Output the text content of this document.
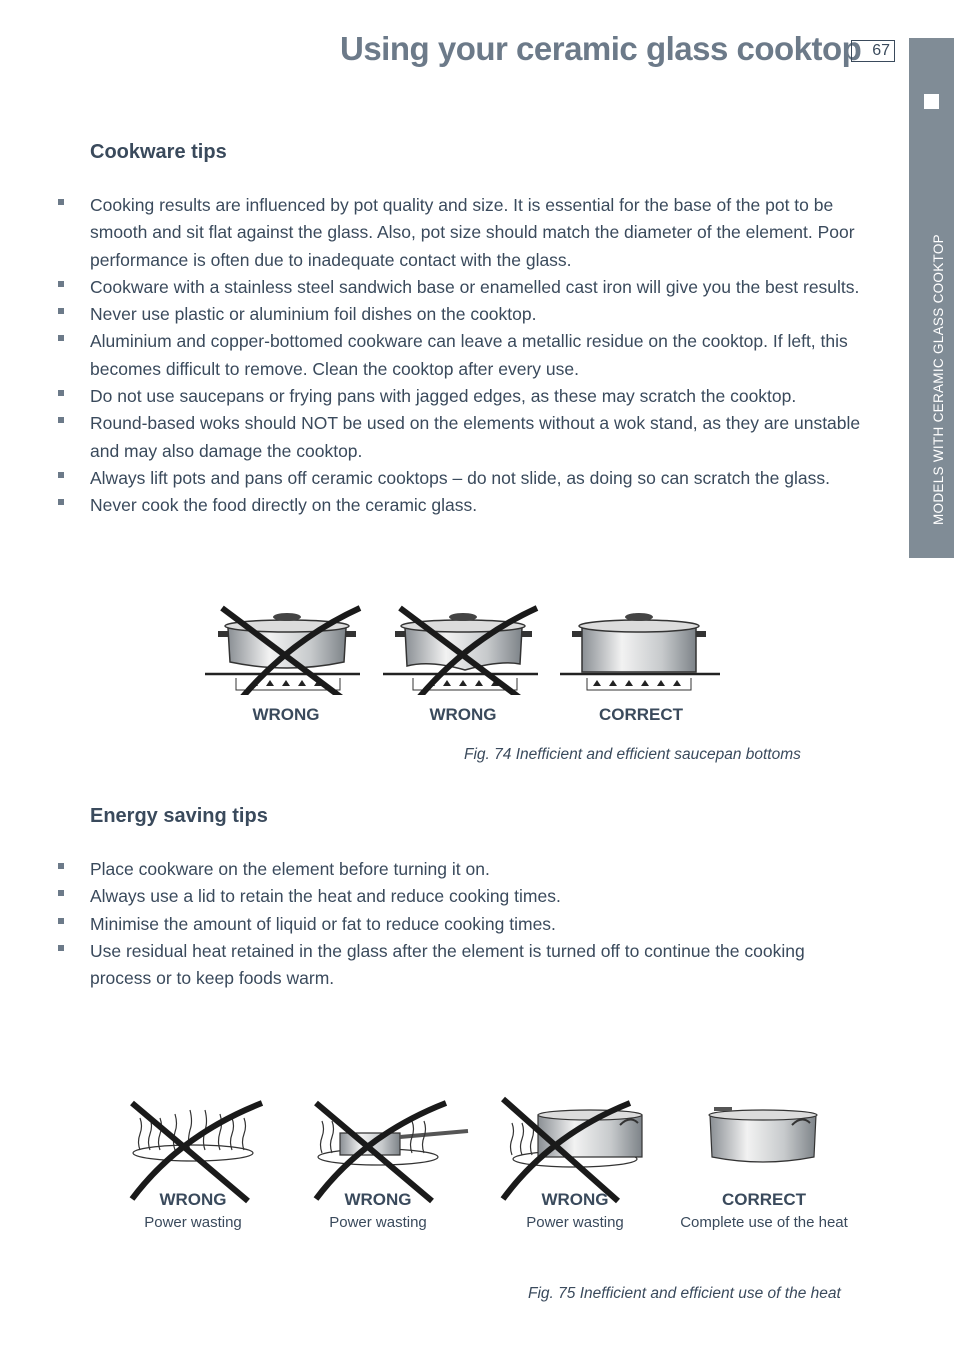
Using your ceramic glass cooktop 67
MODELS WITH CERAMIC GLASS COOKTOP
Cookware tips
Cooking results are influenced by pot quality and size. It is essential for the base of the pot to be smooth and sit flat against the glass. Also, pot size should match the diameter of the element. Poor performance is often due to inadequate contact with the glass.
Cookware with a stainless steel sandwich base or enamelled cast iron will give you the best results.
Never use plastic or aluminium foil dishes on the cooktop.
Aluminium and copper-bottomed cookware can leave a metallic residue on the cooktop. If left, this becomes difficult to remove. Clean the cooktop after every use.
Do not use saucepans or frying pans with jagged edges, as these may scratch the cooktop.
Round-based woks should NOT be used on the elements without a wok stand, as they are unstable and may also damage the cooktop.
Always lift pots and pans off ceramic cooktops – do not slide, as doing so can scratch the glass.
Never cook the food directly on the ceramic glass.
WRONG	WRONG	CORRECT
Fig. 74 Inefficient and efficient saucepan bottoms
Energy saving tips
Place cookware on the element before turning it on.
Always use a lid to retain the heat and reduce cooking times.
Minimise the amount of liquid or fat to reduce cooking times.
Use residual heat retained in the glass after the element is turned off to continue the cooking process or to keep foods warm.
WRONG	WRONG	WRONG	CORRECT
Power wasting	Power wasting	Power wasting	Complete use of the heat
Fig. 75 Inefficient and efficient use of the heat
